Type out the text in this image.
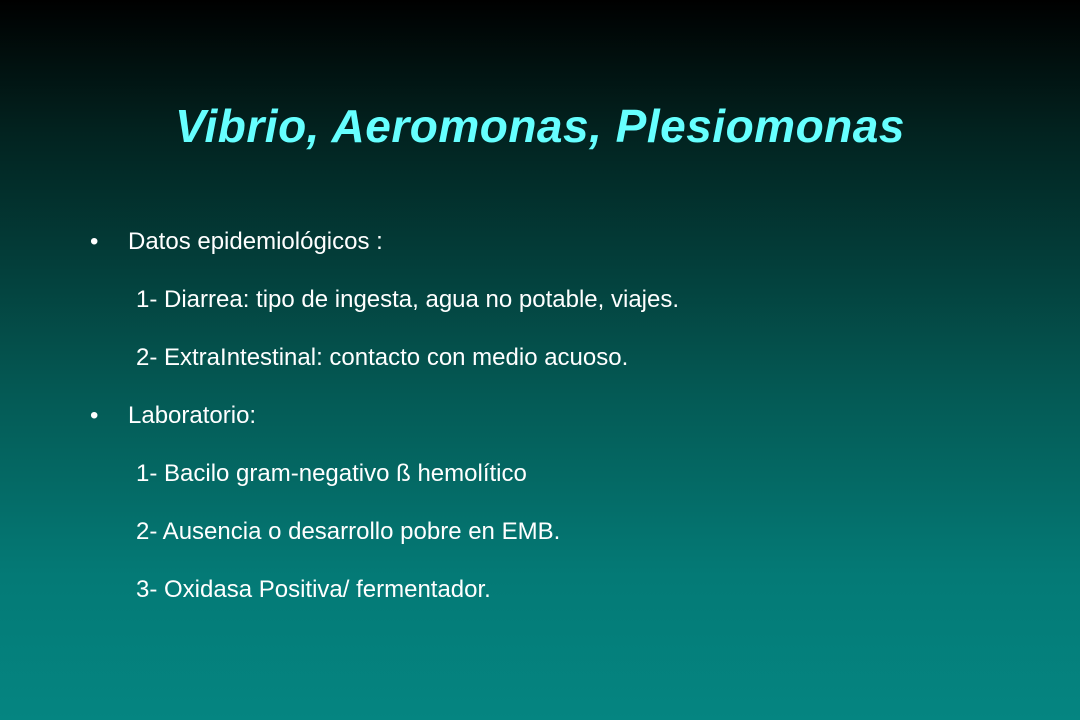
Vibrio, Aeromonas, Plesiomonas
• Datos epidemiológicos :
1- Diarrea: tipo de ingesta, agua no potable, viajes.
2- ExtraIntestinal: contacto con medio acuoso.
• Laboratorio:
1- Bacilo gram-negativo ß hemolítico
2- Ausencia o desarrollo pobre en EMB.
3- Oxidasa Positiva/ fermentador.
